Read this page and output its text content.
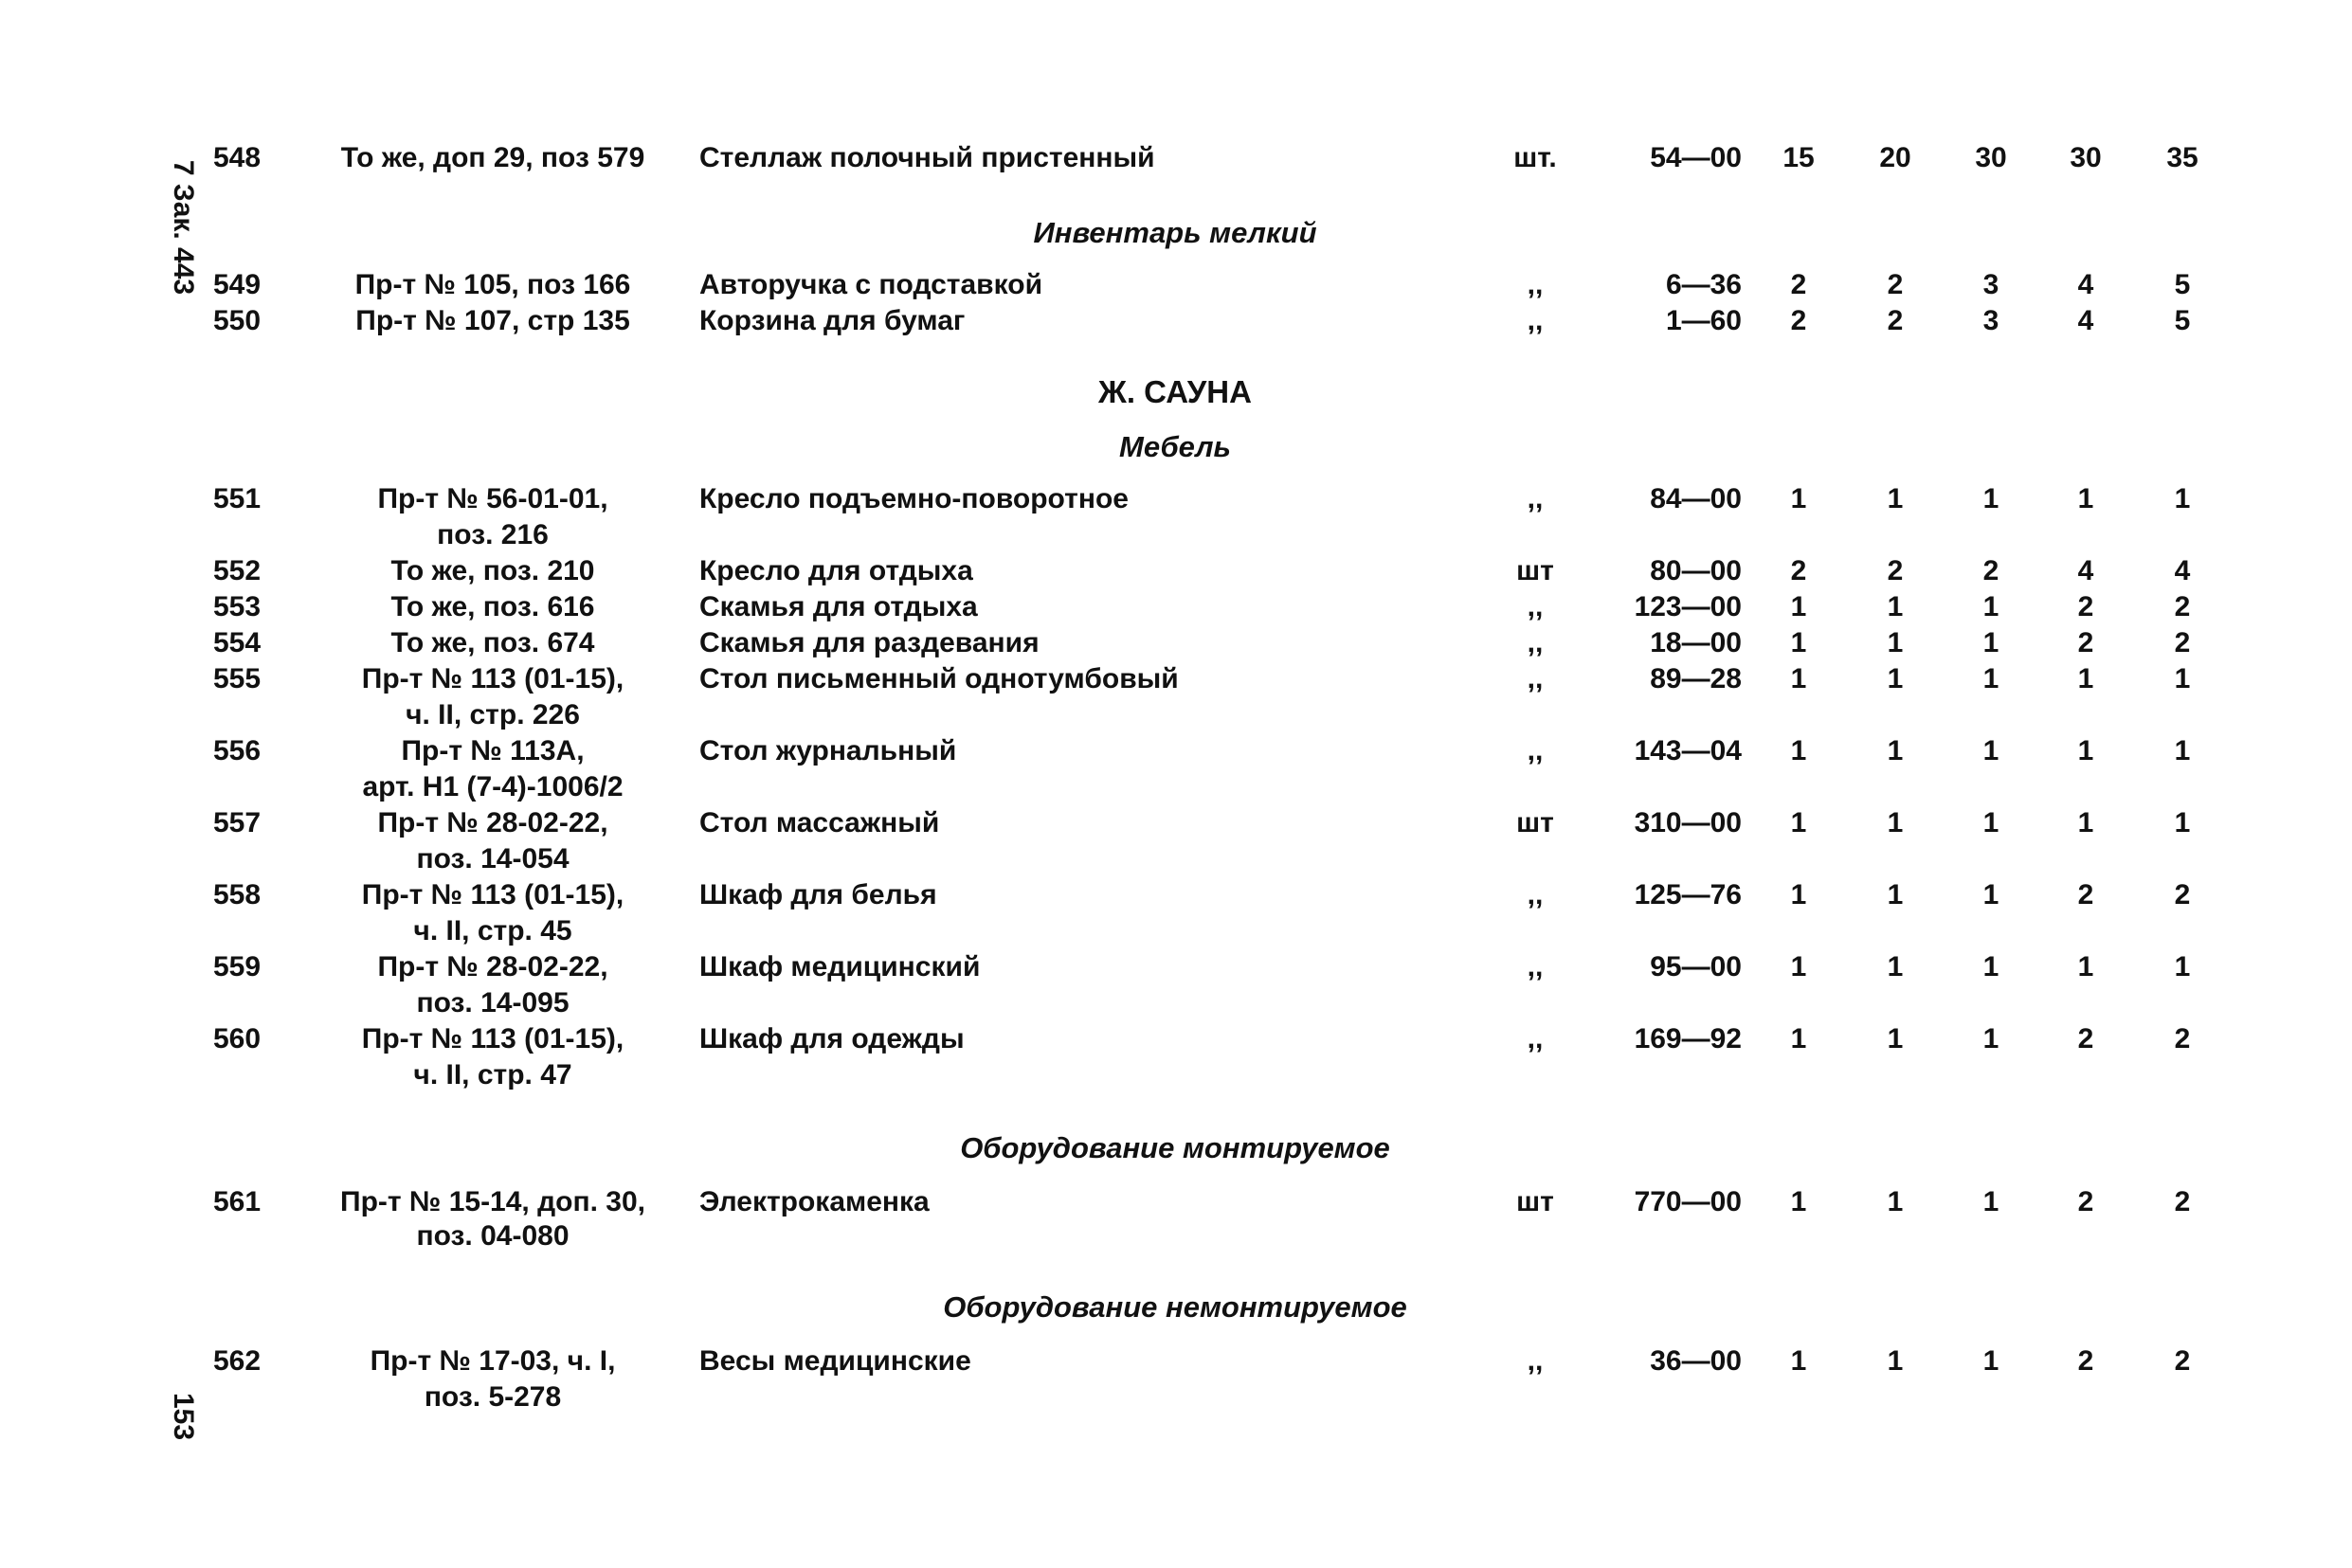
7 Зак. 443
153
548	То же, доп 29, поз 579	Стеллаж полочный пристенный	шт.	54—00	15	20	30	30	35
Инвентарь мелкий
549	Пр-т № 105, поз 166	Авторучка с подставкой	,,	6—36	2	2	3	4	5
550	Пр-т № 107, стр 135	Корзина для бумаг	,,	1—60	2	2	3	4	5
Ж. САУНА
Мебель
551	Пр-т № 56-01-01,	Кресло подъемно-поворотное	,,	84—00	1	1	1	1	1
поз. 216
552	То же, поз. 210	Кресло для отдыха	шт	80—00	2	2	2	4	4
553	То же, поз. 616	Скамья для отдыха	,,	123—00	1	1	1	2	2
554	То же, поз. 674	Скамья для раздевания	,,	18—00	1	1	1	2	2
555	Пр-т № 113 (01-15),	Стол письменный однотумбовый	,,	89—28	1	1	1	1	1
ч. II, стр. 226
556	Пр-т № 113А,	Стол журнальный	,,	143—04	1	1	1	1	1
арт. Н1 (7-4)-1006/2
557	Пр-т № 28-02-22,	Стол массажный	шт	310—00	1	1	1	1	1
поз. 14-054
558	Пр-т № 113 (01-15),	Шкаф для белья	,,	125—76	1	1	1	2	2
ч. II, стр. 45
559	Пр-т № 28-02-22,	Шкаф медицинский	,,	95—00	1	1	1	1	1
поз. 14-095
560	Пр-т № 113 (01-15),	Шкаф для одежды	,,	169—92	1	1	1	2	2
ч. II, стр. 47
Оборудование монтируемое
561	Пр-т № 15-14, доп. 30,	Электрокаменка	шт	770—00	1	1	1	2	2
поз. 04-080
Оборудование немонтируемое
562	Пр-т № 17-03, ч. I,	Весы медицинские	,,	36—00	1	1	1	2	2
поз. 5-278
